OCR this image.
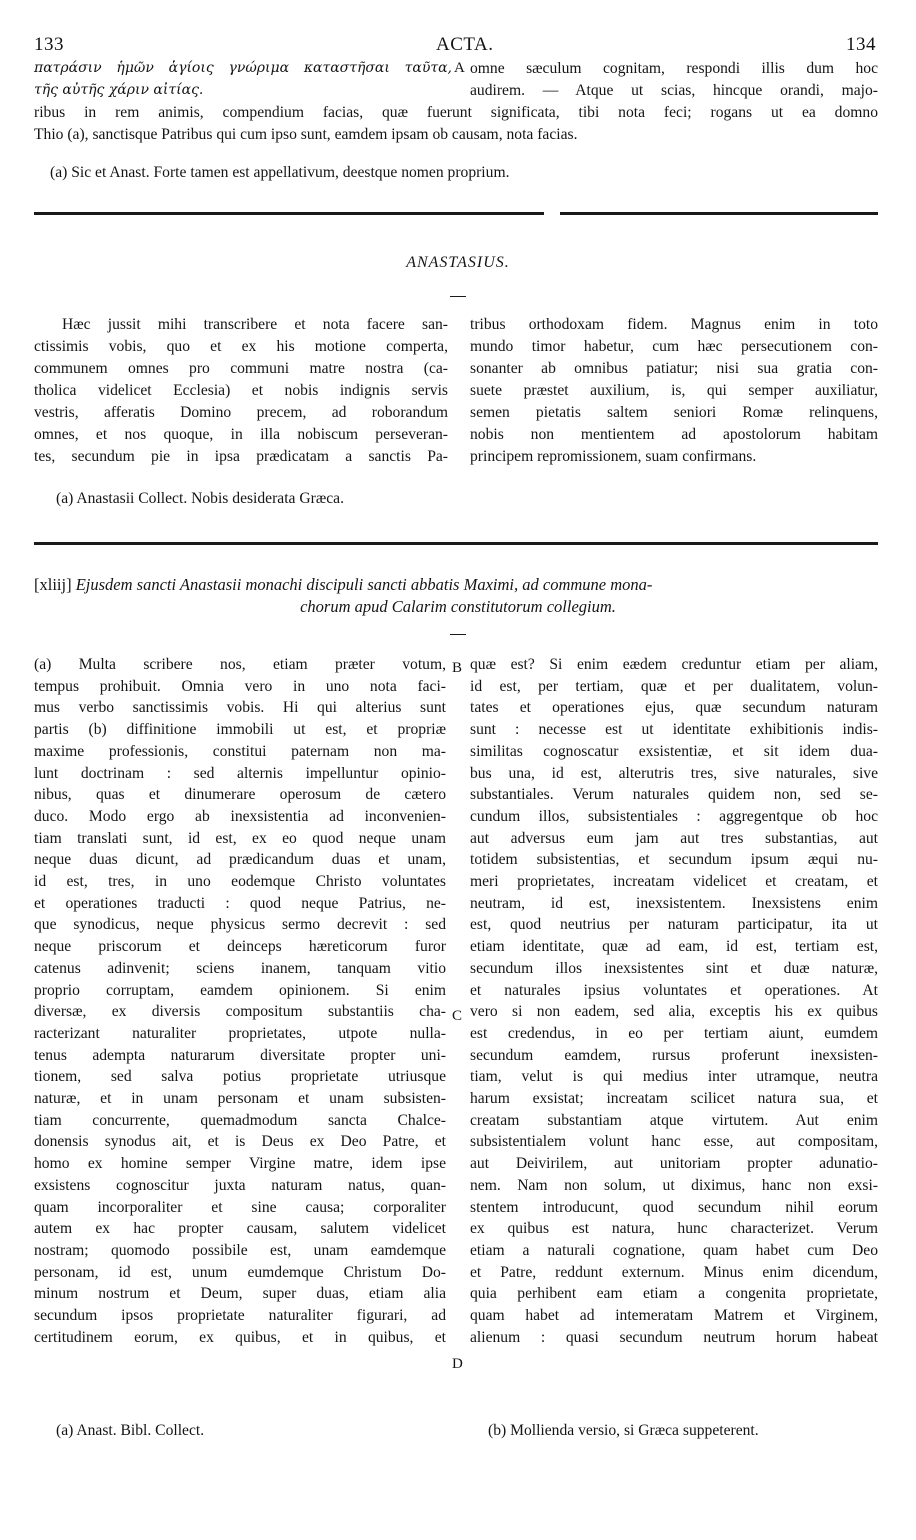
133	ACTA.	134
πατράσιν ἡμῶν ἁγίοις γνώριμα καταστῆσαι ταῦτα,
τῆς αὐτῆς χάριν αἰτίας.
A omne sæculum cognitam, respondi illis dum hoc
audirem. — Atque ut scias, hincque orandi, majo-
ribus in rem animis, compendium facias, quæ fuerunt significata, tibi nota feci; rogans ut ea domno
Thio (a), sanctisque Patribus qui cum ipso sunt, eamdem ipsam ob causam, nota facias.
(a) Sic et Anast. Forte tamen est appellativum, deestque nomen proprium.
ANASTASIUS.
Hæc jussit mihi transcribere et nota facere san-
ctissimis vobis, quo et ex his motione comperta,
communem omnes pro communi matre nostra (ca-
tholica videlicet Ecclesia) et nobis indignis servis
vestris, afferatis Domino precem, ad roborandum
omnes, et nos quoque, in illa nobiscum perseveran-
tes, secundum pie in ipsa prædicatam a sanctis Pa-
tribus orthodoxam fidem. Magnus enim in toto
mundo timor habetur, cum hæc persecutionem con-
sonanter ab omnibus patiatur; nisi sua gratia con-
suete præstet auxilium, is, qui semper auxiliatur,
semen pietatis saltem seniori Romæ relinquens,
nobis non mentientem ad apostolorum habitam
principem repromissionem, suam confirmans.
(a) Anastasii Collect. Nobis desiderata Græca.
[xliij] Ejusdem sancti Anastasii monachi discipuli sancti abbatis Maximi, ad commune mona-
chorum apud Calarim constitutorum collegium.
(a) Multa scribere nos, etiam præter votum,
tempus prohibuit. Omnia vero in uno nota faci-
mus verbo sanctissimis vobis. Hi qui alterius sunt
partis (b) diffinitione immobili ut est, et propriæ
maxime professionis, constitui paternam non ma-
lunt doctrinam : sed alternis impelluntur opinio-
nibus, quas et dinumerare operosum de cætero
duco. Modo ergo ab inexsistentia ad inconvenien-
tiam translati sunt, id est, ex eo quod neque unam
neque duas dicunt, ad prædicandum duas et unam,
id est, tres, in uno eodemque Christo voluntates
et operationes traducti : quod neque Patrius, ne-
que synodicus, neque physicus sermo decrevit : sed
neque priscorum et deinceps hæreticorum furor
catenus adinvenit; sciens inanem, tanquam vitio
proprio corruptam, eamdem opinionem. Si enim
diversæ, ex diversis compositum substantiis cha-
racterizant naturaliter proprietates, utpote nulla-
tenus adempta naturarum diversitate propter uni-
tionem, sed salva potius proprietate utriusque
naturæ, et in unam personam et unam subsisten-
tiam concurrente, quemadmodum sancta Chalce-
donensis synodus ait, et is Deus ex Deo Patre, et
homo ex homine semper Virgine matre, idem ipse
exsistens cognoscitur juxta naturam natus, quan-
quam incorporaliter et sine causa; corporaliter
autem ex hac propter causam, salutem videlicet
nostram; quomodo possibile est, unam eamdemque
personam, id est, unum eumdemque Christum Do-
minum nostrum et Deum, super duas, etiam alia
secundum ipsos proprietate naturaliter figurari, ad
certitudinem eorum, ex quibus, et in quibus, et
quæ est? Si enim eædem creduntur etiam per aliam,
id est, per tertiam, quæ et per dualitatem, volun-
tates et operationes ejus, quæ secundum naturam
sunt : necesse est ut identitate exhibitionis indis-
similitas cognoscatur exsistentiæ, et sit idem dua-
bus una, id est, alterutris tres, sive naturales, sive
substantiales. Verum naturales quidem non, sed se-
cundum illos, subsistentiales : aggregentque ob hoc
aut adversus eum jam aut tres substantias, aut
totidem subsistentias, et secundum ipsum æqui nu-
meri proprietates, increatam videlicet et creatam, et
neutram, id est, inexsistentem. Inexsistens enim
est, quod neutrius per naturam participatur, ita ut
etiam identitate, quæ ad eam, id est, tertiam est,
secundum illos inexsistentes sint et duæ naturæ,
et naturales ipsius voluntates et operationes. At
vero si non eadem, sed alia, exceptis his ex quibus
est credendus, in eo per tertiam aiunt, eumdem
secundum eamdem, rursus proferunt inexsisten-
tiam, velut is qui medius inter utramque, neutra
harum exsistat; increatam scilicet natura sua, et
creatam substantiam atque virtutem. Aut enim
subsistentialem volunt hanc esse, aut compositam,
aut Deivirilem, aut unitoriam propter adunatio-
nem. Nam non solum, ut diximus, hanc non exsi-
stentem introducunt, quod secundum nihil eorum
ex quibus est natura, hunc characterizet. Verum
etiam a naturali cognatione, quam habet cum Deo
et Patre, reddunt externum. Minus enim dicendum,
quia perhibent eam etiam a congenita proprietate,
quam habet ad intemeratam Matrem et Virginem,
alienum : quasi secundum neutrum horum habeat
B
C
D
(a) Anast. Bibl. Collect.	(b) Mollienda versio, si Græca suppeterent.
